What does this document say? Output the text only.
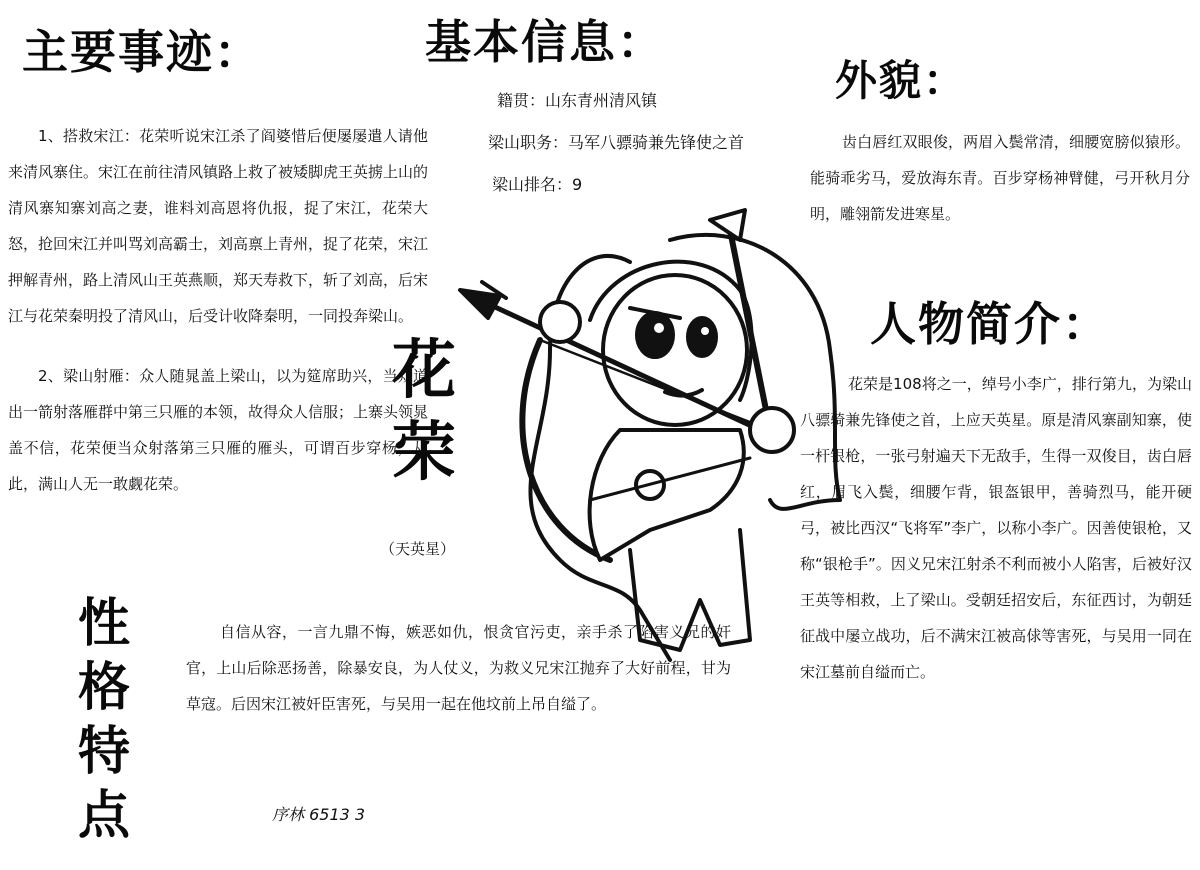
主要事迹：

1、搭救宋江：花荣听说宋江杀了阎婆惜后便屡屡遣人请他来清风寨住。宋江在前往清风镇路上救了被矮脚虎王英掳上山的清风寨知寨刘高之妻，谁料刘高恩将仇报，捉了宋江，花荣大怒，抢回宋江并叫骂刘高霸士，刘高禀上青州，捉了花荣，宋江押解青州，路上清风山王英燕顺，郑天寿救下，斩了刘高，后宋江与花荣秦明投了清风山，后受计收降秦明，一同投奔梁山。

2、梁山射雁：众人随晁盖上梁山，以为筵席助兴，当众道出一箭射落雁群中第三只雁的本领，故得众人信服；上寨头领晁盖不信，花荣便当众射落第三只雁的雁头，可谓百步穿杨，从此，满山人无一敢觑花荣。

基本信息：
籍贯：山东青州清风镇
梁山职务：马军八骠骑兼先锋使之首
梁山排名：9
外貌：
齿白唇红双眼俊，两眉入鬓常清，细腰宽膀似猿形。能骑乖劣马，爱放海东青。百步穿杨神臂健，弓开秋月分明，雕翎箭发进寒星。
人物简介：
花荣是108将之一，绰号小李广，排行第九，为梁山八骠骑兼先锋使之首，上应天英星。原是清风寨副知寨，使一杆银枪，一张弓射遍天下无敌手，生得一双俊目，齿白唇红，眉飞入鬓，细腰乍背，银盔银甲，善骑烈马，能开硬弓，被比西汉“飞将军”李广，以称小李广。因善使银枪，又称“银枪手”。因义兄宋江射杀不利而被小人陷害，后被好汉王英等相救，上了梁山。受朝廷招安后，东征西讨，为朝廷征战中屡立战功，后不满宋江被高俅等害死，与吴用一同在宋江墓前自缢而亡。
花
荣
（天英星）
性
格
特
点
自信从容，一言九鼎不悔，嫉恶如仇，恨贪官污吏，亲手杀了陷害义兄的奸官，上山后除恶扬善，除暴安良，为人仗义，为救义兄宋江抛弃了大好前程，甘为草寇。后因宋江被奸臣害死，与吴用一起在他坟前上吊自缢了。
序林 6513 3
